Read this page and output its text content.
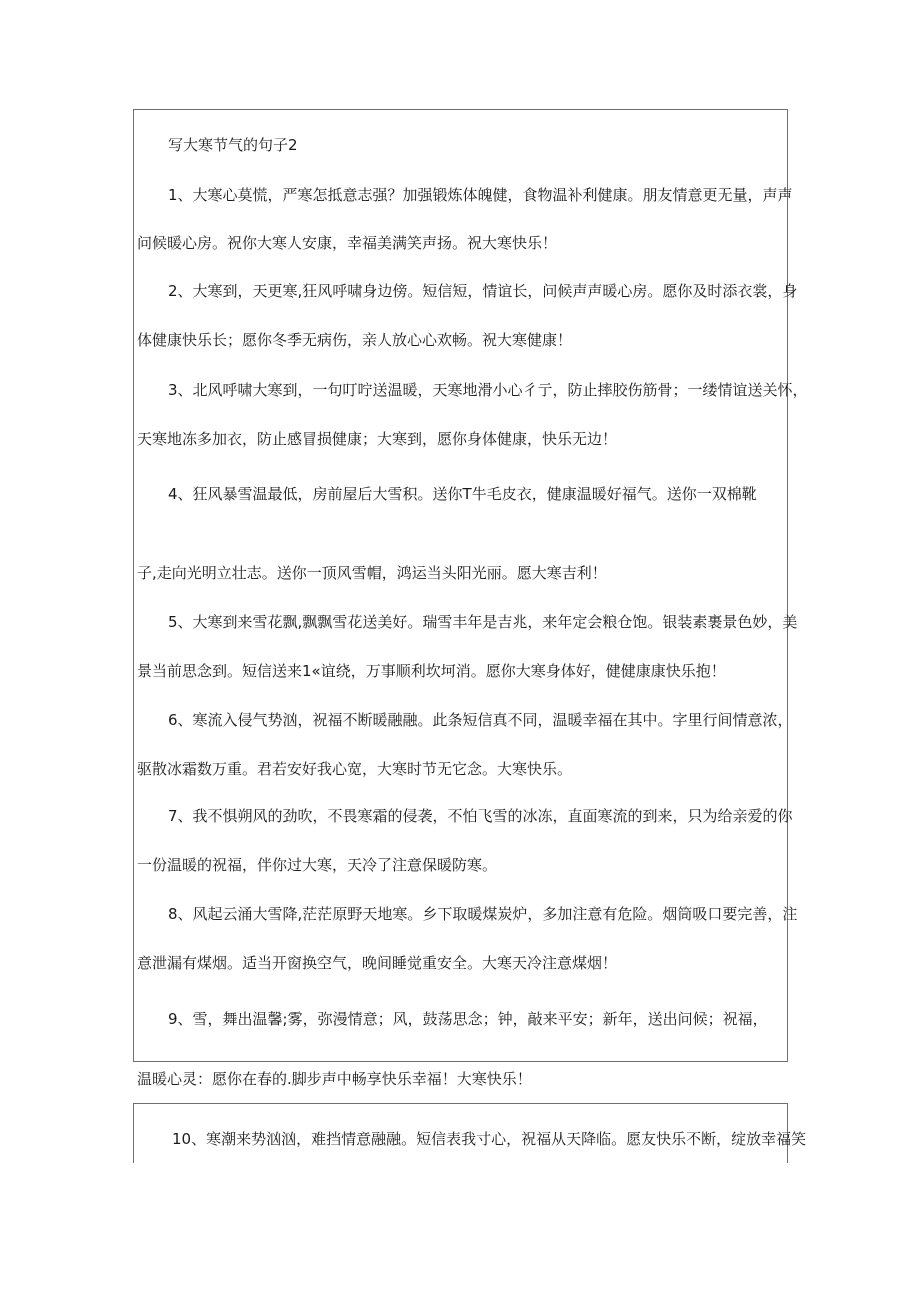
写大寒节气的句子2
1、大寒心莫慌，严寒怎抵意志强？加强锻炼体魄健，食物温补利健康。朋友情意更无量，声声
问候暖心房。祝你大寒人安康，幸福美满笑声扬。祝大寒快乐！
2、大寒到，天更寒,狂风呼啸身边傍。短信短，情谊长，问候声声暖心房。愿你及时添衣裳，身
体健康快乐长；愿你冬季无病伤，亲人放心心欢畅。祝大寒健康！
3、北风呼啸大寒到，一句叮咛送温暖，天寒地滑小心彳亍，防止摔胶伤筋骨；一缕情谊送关怀，
天寒地冻多加衣，防止感冒损健康；大寒到，愿你身体健康，快乐无边！
4、狂风暴雪温最低，房前屋后大雪积。送你T牛毛皮衣，健康温暖好福气。送你一双棉靴
子,走向光明立壮志。送你一顶风雪帽，鸿运当头阳光丽。愿大寒吉利！
5、大寒到来雪花飘,飘飘雪花送美好。瑞雪丰年是吉兆，来年定会粮仓饱。银装素裹景色妙，美
景当前思念到。短信送来1«谊绕，万事顺利坎坷消。愿你大寒身体好，健健康康快乐抱！
6、寒流入侵气势汹，祝福不断暖融融。此条短信真不同，温暖幸福在其中。字里行间情意浓，
驱散冰霜数万重。君若安好我心宽，大寒时节无它念。大寒快乐。
7、我不惧朔风的劲吹，不畏寒霜的侵袭，不怕飞雪的冰冻，直面寒流的到来，只为给亲爱的你
一份温暖的祝福，伴你过大寒，天冷了注意保暖防寒。
8、风起云涌大雪降,茫茫原野天地寒。乡下取暖煤炭炉，多加注意有危险。烟筒吸口要完善，注
意泄漏有煤烟。适当开窗换空气，晚间睡觉重安全。大寒天冷注意煤烟！
9、雪，舞出温馨;雾，弥漫情意；风，鼓荡思念；钟，敲来平安；新年，送出问候；祝福，
温暖心灵：愿你在春的.脚步声中畅享快乐幸福！大寒快乐！
10、寒潮来势汹汹，难挡情意融融。短信表我寸心，祝福从天降临。愿友快乐不断，绽放幸福笑
